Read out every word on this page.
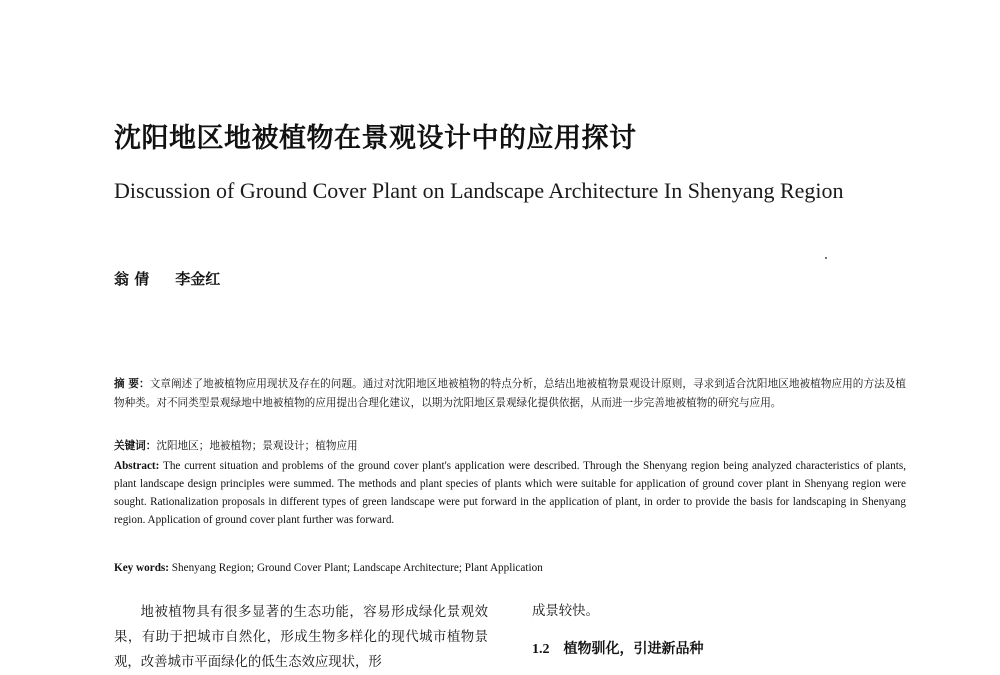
沈阳地区地被植物在景观设计中的应用探讨
Discussion of Ground Cover Plant on Landscape Architecture In Shenyang Region
翁 倩 李金红
摘 要：文章阐述了地被植物应用现状及存在的问题。通过对沈阳地区地被植物的特点分析，总结出地被植物景观设计原则，寻求到适合沈阳地区地被植物应用的方法及植物种类。对不同类型景观绿地中地被植物的应用提出合理化建议，以期为沈阳地区景观绿化提供依据，从而进一步完善地被植物的研究与应用。
关键词：沈阳地区；地被植物；景观设计；植物应用
Abstract: The current situation and problems of the ground cover plant's application were described. Through the Shenyang region being analyzed characteristics of plants, plant landscape design principles were summed. The methods and plant species of plants which were suitable for application of ground cover plant in Shenyang region were sought. Rationalization proposals in different types of green landscape were put forward in the application of plant, in order to provide the basis for landscaping in Shenyang region. Application of ground cover plant further was forward.
Key words: Shenyang Region; Ground Cover Plant; Landscape Architecture; Plant Application
地被植物具有很多显著的生态功能，容易形成绿化景观效果，有助于把城市自然化，形成生物多样化的现代城市植物景观，改善城市平面绿化的低生态效应现状，形
成景较快。
1.2 植物驯化，引进新品种
